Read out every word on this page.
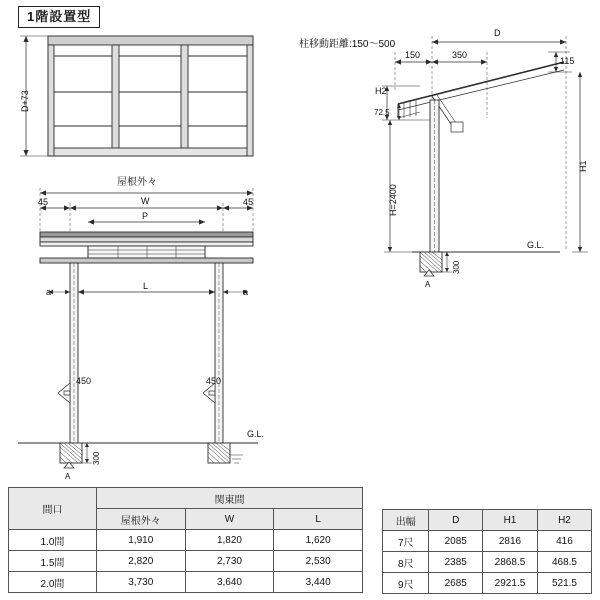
1階設置型
D+73
D
150	350
115
柱移動距離:150～500
H2
72.5
H=2400
H1
G.L.
300
A
屋根外々
45	45
W
P
L
a	a
450	450
G.L.
300
A
間口	関東間		
	屋根外々	W	L
1.0間	1,910	1,820	1,620
1.5間	2,820	2,730	2,530
2.0間	3,730	3,640	3,440
出幅	D	H1	H2
7尺	2085	2816	416
8尺	2385	2868.5	468.5
9尺	2685	2921.5	521.5
